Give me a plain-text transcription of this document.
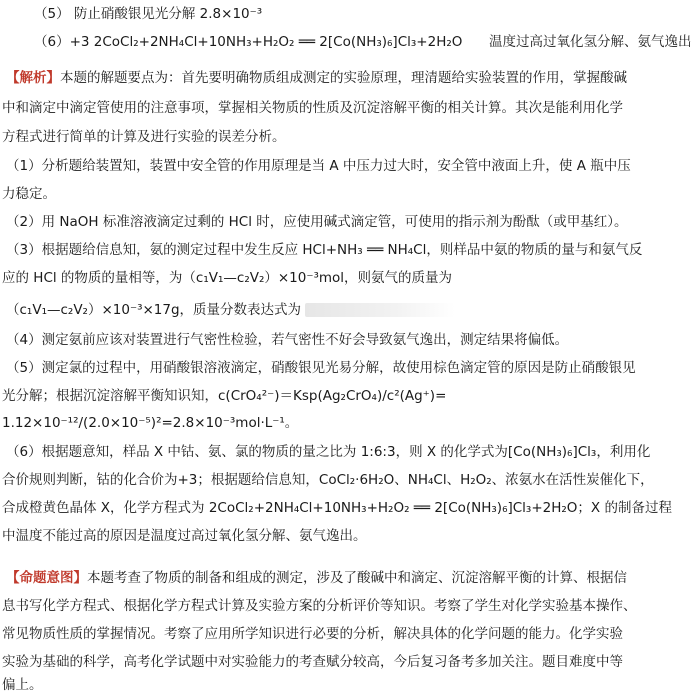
（5） 防止硝酸银见光分解 2.8×10⁻³
（6）+3 2CoCl₂+2NH₄Cl+10NH₃+H₂O₂ ══ 2[Co(NH₃)₆]Cl₃+2H₂O 温度过高过氧化氢分解、氨气逸出
【解析】本题的解题要点为：首先要明确物质组成测定的实验原理，理清题给实验装置的作用，掌握酸碱
中和滴定中滴定管使用的注意事项，掌握相关物质的性质及沉淀溶解平衡的相关计算。其次是能利用化学
方程式进行简单的计算及进行实验的误差分析。
（1）分析题给装置知，装置中安全管的作用原理是当 A 中压力过大时，安全管中液面上升，使 A 瓶中压
力稳定。
（2）用 NaOH 标准溶液滴定过剩的 HCl 时，应使用碱式滴定管，可使用的指示剂为酚酞（或甲基红）。
（3）根据题给信息知，氨的测定过程中发生反应 HCl+NH₃ ══ NH₄Cl，则样品中氨的物质的量与和氨气反
应的 HCl 的物质的量相等，为（c₁V₁—c₂V₂）×10⁻³mol，则氨气的质量为
（c₁V₁—c₂V₂）×10⁻³×17g，质量分数表达式为
（4）测定氨前应该对装置进行气密性检验，若气密性不好会导致氨气逸出，测定结果将偏低。
（5）测定氯的过程中，用硝酸银溶液滴定，硝酸银见光易分解，故使用棕色滴定管的原因是防止硝酸银见
光分解；根据沉淀溶解平衡知识知，c(CrO₄²⁻)＝Ksp(Ag₂CrO₄)/c²(Ag⁺)=
1.12×10⁻¹²/(2.0×10⁻⁵)²=2.8×10⁻³mol·L⁻¹。
（6）根据题意知，样品 X 中钴、氨、氯的物质的量之比为 1:6:3，则 X 的化学式为[Co(NH₃)₆]Cl₃，利用化
合价规则判断，钴的化合价为+3；根据题给信息知，CoCl₂·6H₂O、NH₄Cl、H₂O₂、浓氨水在活性炭催化下，
合成橙黄色晶体 X，化学方程式为 2CoCl₂+2NH₄Cl+10NH₃+H₂O₂ ══ 2[Co(NH₃)₆]Cl₃+2H₂O；X 的制备过程
中温度不能过高的原因是温度过高过氧化氢分解、氨气逸出。
【命题意图】本题考查了物质的制备和组成的测定，涉及了酸碱中和滴定、沉淀溶解平衡的计算、根据信
息书写化学方程式、根据化学方程式计算及实验方案的分析评价等知识。考察了学生对化学实验基本操作、
常见物质性质的掌握情况。考察了应用所学知识进行必要的分析，解决具体的化学问题的能力。化学实验
实验为基础的科学，高考化学试题中对实验能力的考查赋分较高，今后复习备考多加关注。题目难度中等
偏上。
